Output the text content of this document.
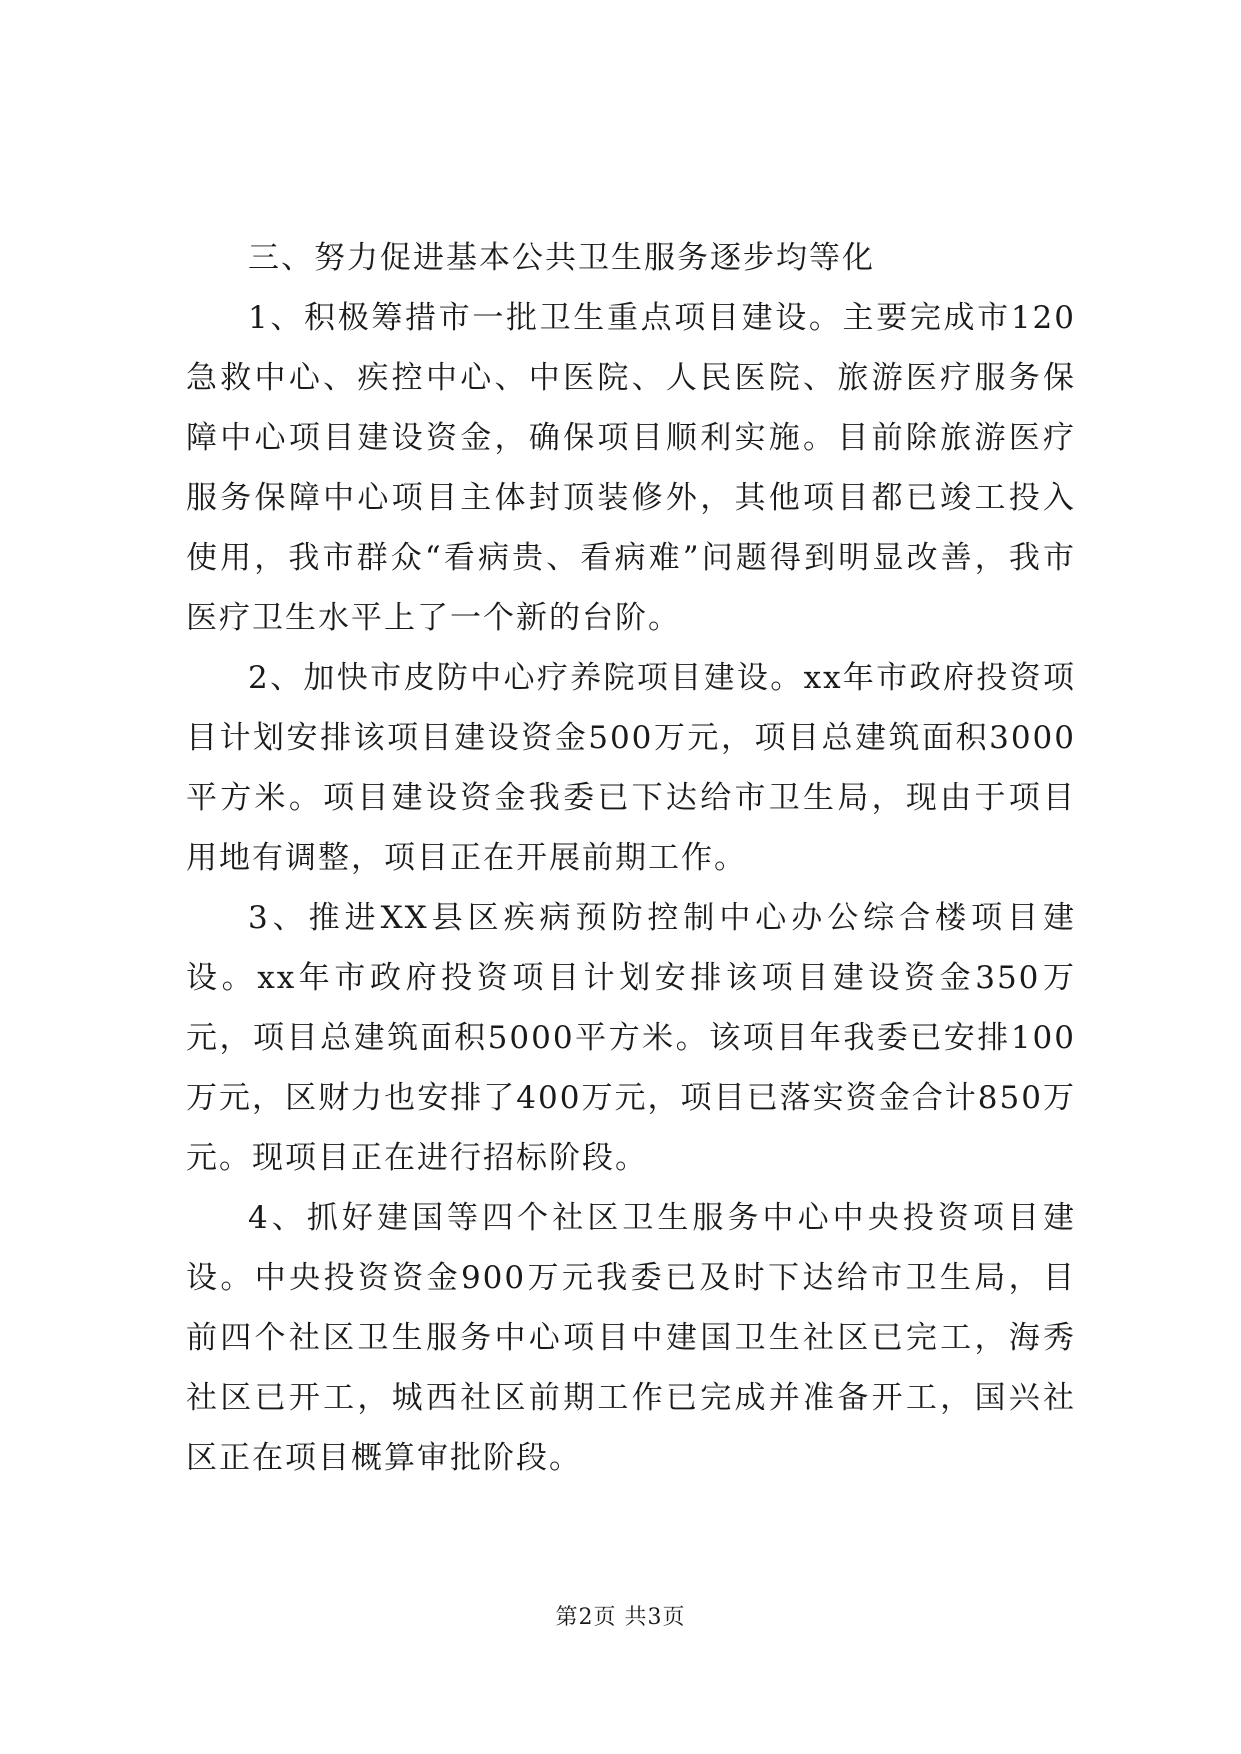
三、努力促进基本公共卫生服务逐步均等化

1、积极筹措市一批卫生重点项目建设。主要完成市120急救中心、疾控中心、中医院、人民医院、旅游医疗服务保障中心项目建设资金，确保项目顺利实施。目前除旅游医疗服务保障中心项目主体封顶装修外，其他项目都已竣工投入使用，我市群众“看病贵、看病难”问题得到明显改善，我市医疗卫生水平上了一个新的台阶。

2、加快市皮防中心疗养院项目建设。xx年市政府投资项目计划安排该项目建设资金500万元，项目总建筑面积3000平方米。项目建设资金我委已下达给市卫生局，现由于项目用地有调整，项目正在开展前期工作。

3、推进XX县区疾病预防控制中心办公综合楼项目建设。xx年市政府投资项目计划安排该项目建设资金350万元，项目总建筑面积5000平方米。该项目年我委已安排100万元，区财力也安排了400万元，项目已落实资金合计850万元。现项目正在进行招标阶段。

4、抓好建国等四个社区卫生服务中心中央投资项目建设。中央投资资金900万元我委已及时下达给市卫生局，目前四个社区卫生服务中心项目中建国卫生社区已完工，海秀社区已开工，城西社区前期工作已完成并准备开工，国兴社区正在项目概算审批阶段。

第2页 共3页
